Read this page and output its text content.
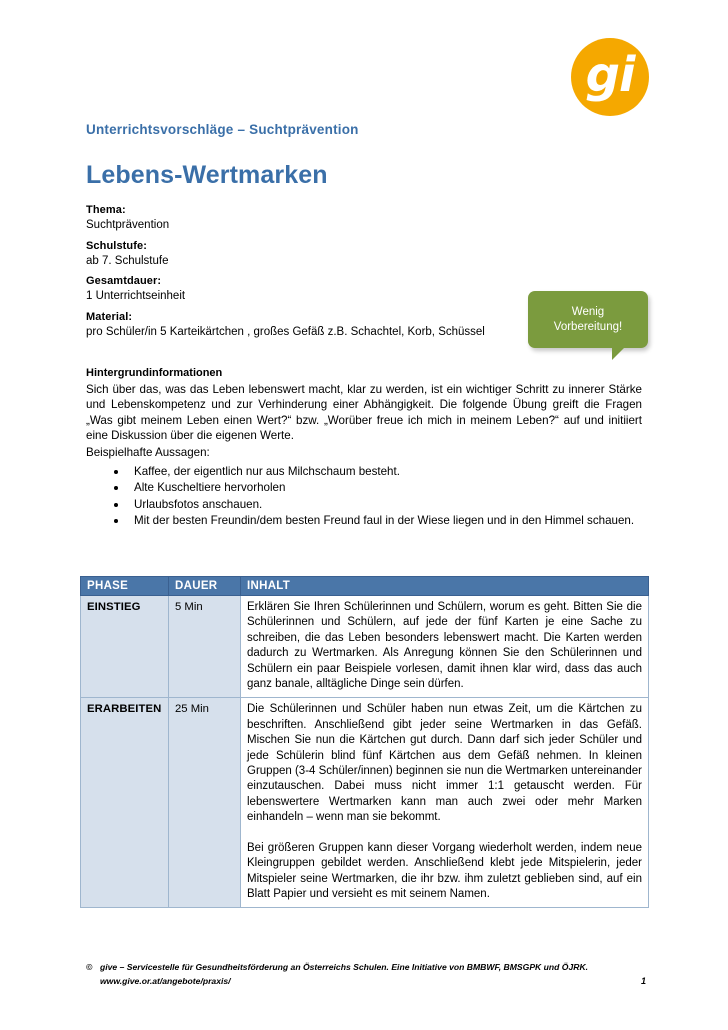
gi
Unterrichtsvorschläge – Suchtprävention
Lebens-Wertmarken
Thema:
Suchtprävention
Schulstufe:
ab 7. Schulstufe
Gesamtdauer:
1 Unterrichtseinheit
Material:
pro Schüler/in 5 Karteikärtchen , großes Gefäß z.B. Schachtel, Korb, Schüssel
Wenig
Vorbereitung!
Hintergrundinformationen
Sich über das, was das Leben lebenswert macht, klar zu werden, ist ein wichtiger Schritt zu innerer Stärke und Lebenskompetenz und zur Verhinderung einer Abhängigkeit. Die folgende Übung greift die Fragen „Was gibt meinem Leben einen Wert?“ bzw. „Worüber freue ich mich in meinem Leben?“ auf und initiiert eine Diskussion über die eigenen Werte.
Beispielhafte Aussagen:
Kaffee, der eigentlich nur aus Milchschaum besteht.
Alte Kuscheltiere hervorholen
Urlaubsfotos anschauen.
Mit der besten Freundin/dem besten Freund faul in der Wiese liegen und in den Himmel schauen.
PHASE	DAUER	INHALT
EINSTIEG	5 Min	Erklären Sie Ihren Schülerinnen und Schülern, worum es geht. Bitten Sie die Schülerinnen und Schülern, auf jede der fünf Karten je eine Sache zu schreiben, die das Leben besonders lebenswert macht. Die Karten werden dadurch zu Wertmarken. Als Anregung können Sie den Schülerinnen und Schülern ein paar Beispiele vorlesen, damit ihnen klar wird, dass das auch ganz banale, alltägliche Dinge sein dürfen.

ERARBEITEN	25 Min	Die Schülerinnen und Schüler haben nun etwas Zeit, um die Kärtchen zu beschriften. Anschließend gibt jeder seine Wertmarken in das Gefäß. Mischen Sie nun die Kärtchen gut durch. Dann darf sich jeder Schüler und jede Schülerin blind fünf Kärtchen aus dem Gefäß nehmen. In kleinen Gruppen (3-4 Schüler/innen) beginnen sie nun die Wertmarken untereinander einzutauschen. Dabei muss nicht immer 1:1 getauscht werden. Für lebenswertere Wertmarken kann man auch zwei oder mehr Marken einhandeln – wenn man sie bekommt.

Bei größeren Gruppen kann dieser Vorgang wiederholt werden, indem neue Kleingruppen gebildet werden. Anschließend klebt jede Mitspielerin, jeder Mitspieler seine Wertmarken, die ihr bzw. ihm zuletzt geblieben sind, auf ein Blatt Papier und versieht es mit seinem Namen.

© give – Servicestelle für Gesundheitsförderung an Österreichs Schulen. Eine Initiative von BMBWF, BMSGPK und ÖJRK.
www.give.or.at/angebote/praxis/	1
